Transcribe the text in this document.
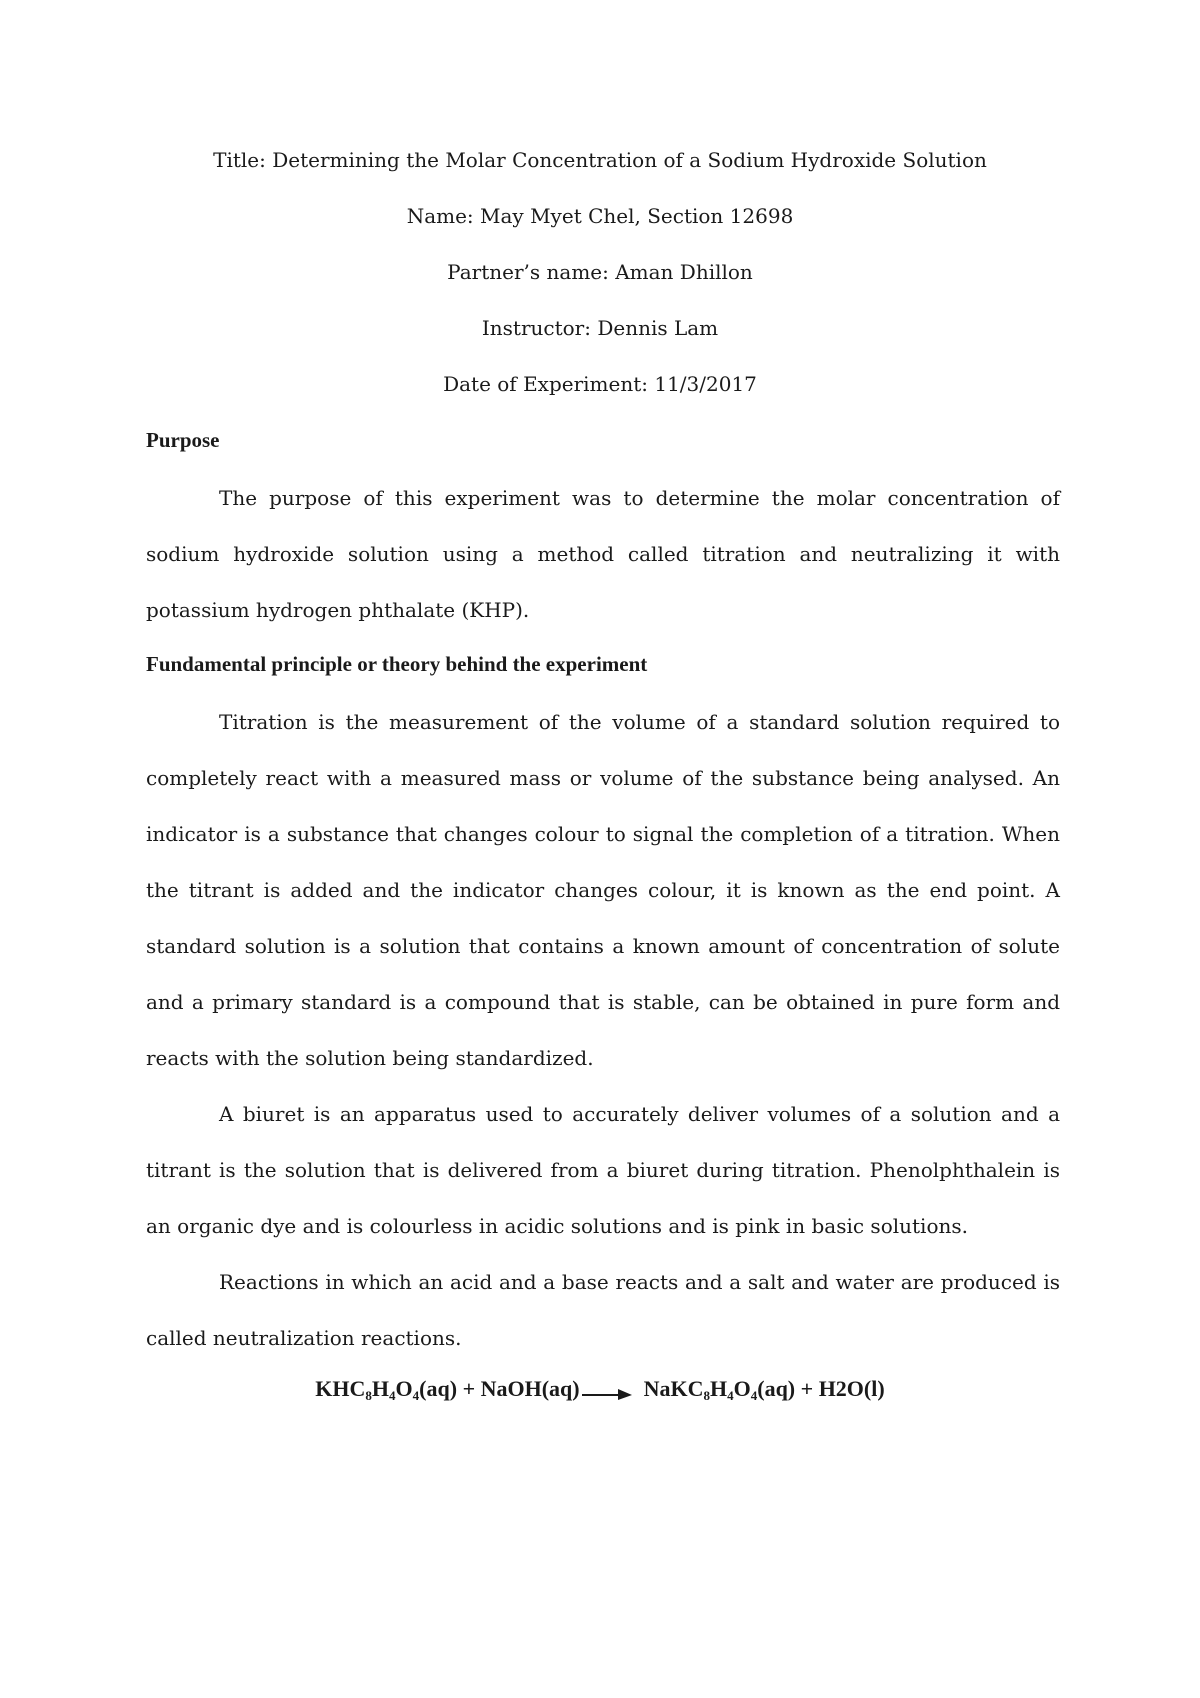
Title: Determining the Molar Concentration of a Sodium Hydroxide Solution
Name: May Myet Chel, Section 12698
Partner’s name: Aman Dhillon
Instructor: Dennis Lam
Date of Experiment: 11/3/2017
Purpose

The purpose of this experiment was to determine the molar concentration of sodium hydroxide solution using a method called titration and neutralizing it with potassium hydrogen phthalate (KHP).

Fundamental principle or theory behind the experiment

Titration is the measurement of the volume of a standard solution required to completely react with a measured mass or volume of the substance being analysed. An indicator is a substance that changes colour to signal the completion of a titration. When the titrant is added and the indicator changes colour, it is known as the end point. A standard solution is a solution that contains a known amount of concentration of solute and a primary standard is a compound that is stable, can be obtained in pure form and reacts with the solution being standardized.

A biuret is an apparatus used to accurately deliver volumes of a solution and a titrant is the solution that is delivered from a biuret during titration. Phenolphthalein is an organic dye and is colourless in acidic solutions and is pink in basic solutions.

Reactions in which an acid and a base reacts and a salt and water are produced is called neutralization reactions.

$KHC_8H_4O_4(aq)$ + NaOH(aq) → $NaKC_8H_4O_4(aq) + H2O(l)$
